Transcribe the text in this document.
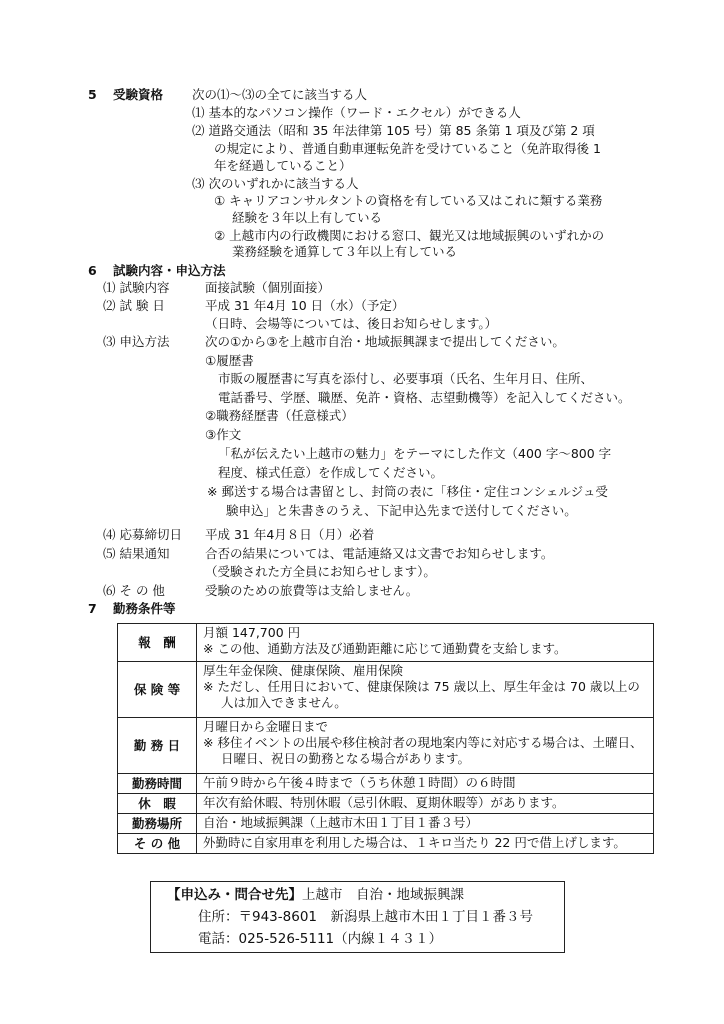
5 受験資格 次の⑴～⑶の全てに該当する人
⑴ 基本的なパソコン操作（ワード・エクセル）ができる人
⑵ 道路交通法（昭和 35 年法律第 105 号）第 85 条第 1 項及び第 2 項
の規定により、普通自動車運転免許を受けていること（免許取得後 1
年を経過していること）
⑶ 次のいずれかに該当する人
① キャリアコンサルタントの資格を有している又はこれに類する業務
経験を３年以上有している
② 上越市内の行政機関における窓口、観光又は地域振興のいずれかの
業務経験を通算して３年以上有している
6 試験内容・申込方法
⑴ 試験内容	面接試験（個別面接）
⑵ 試 験 日	平成 31 年4月 10 日（水）（予定）
（日時、会場等については、後日お知らせします。）
⑶ 申込方法	次の①から③を上越市自治・地域振興課まで提出してください。
①履歴書
市販の履歴書に写真を添付し、必要事項（氏名、生年月日、住所、
電話番号、学歴、職歴、免許・資格、志望動機等）を記入してください。
②職務経歴書（任意様式）
③作文
「私が伝えたい上越市の魅力」をテーマにした作文（400 字～800 字
程度、様式任意）を作成してください。
※ 郵送する場合は書留とし、封筒の表に「移住・定住コンシェルジュ受
験申込」と朱書きのうえ、下記申込先まで送付してください。
⑷ 応募締切日 平成 31 年4月８日（月）必着
⑸ 結果通知	合否の結果については、電話連絡又は文書でお知らせします。
（受験された方全員にお知らせします）。
⑹ そ の 他	受験のための旅費等は支給しません。
7 勤務条件等
報　酬	月額 147,700 円
※ この他、通勤方法及び通勤距離に応じて通勤費を支給します。

保 険 等	厚生年金保険、健康保険、雇用保険
※ ただし、任用日において、健康保険は 75 歳以上、厚生年金は 70 歳以上の人は加入できません。

勤 務 日	月曜日から金曜日まで
※ 移住イベントの出展や移住検討者の現地案内等に対応する場合は、土曜日、日曜日、祝日の勤務となる場合があります。

勤務時間	午前９時から午後４時まで（うち休憩１時間）の６時間

休　暇	年次有給休暇、特別休暇（忌引休暇、夏期休暇等）があります。

勤務場所	自治・地域振興課（上越市木田１丁目１番３号）

そ の 他	外勤時に自家用車を利用した場合は、１キロ当たり 22 円で借上げします。
【申込み・問合せ先】上越市　自治・地域振興課
住所：〒943-8601　新潟県上越市木田１丁目１番３号
電話：025-526-5111（内線１４３１）
